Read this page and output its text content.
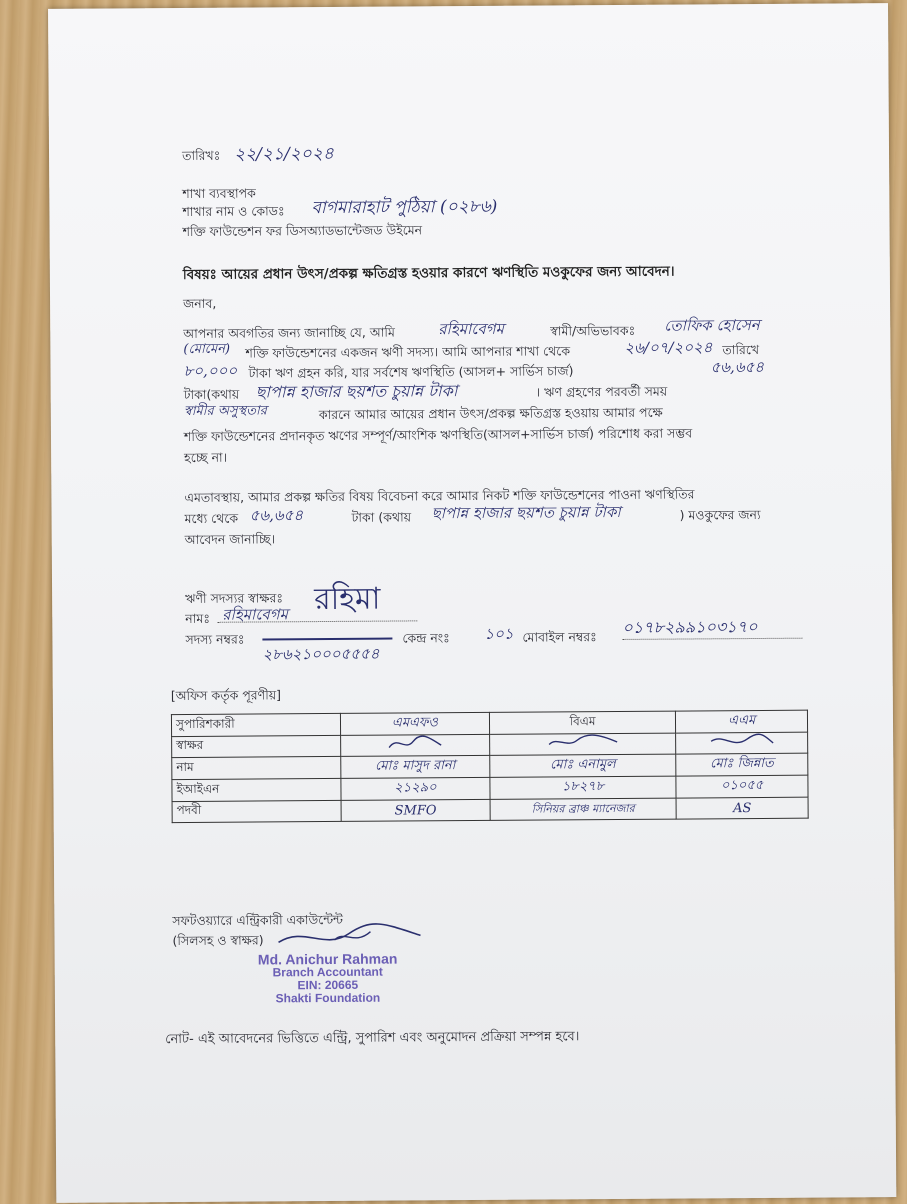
তারিখঃ ২২/২১/২০২৪
শাখা ব্যবস্থাপক
শাখার নাম ও কোডঃ বাগমারাহাট পুঠিয়া (০২৮৬)
শক্তি ফাউন্ডেশন ফর ডিসঅ্যাডভান্টেজড উইমেন
বিষয়ঃ আয়ের প্রধান উৎস/প্রকল্প ক্ষতিগ্রস্ত হওয়ার কারণে ঋণস্থিতি মওকুফের জন্য আবেদন।
জনাব,
আপনার অবগতির জন্য জানাচ্ছি যে, আমি	রহিমাবেগম	স্বামী/অভিভাবকঃ তোফিক হোসেন
(মোমেন) শক্তি ফাউন্ডেশনের একজন ঋণী সদস্য। আমি আপনার শাখা থেকে	২৬/০৭/২০২৪ তারিখে
৮০,০০০ টাকা ঋণ গ্রহন করি, যার সর্বশেষ ঋণস্থিতি (আসল+ সার্ভিস চার্জ)	৫৬,৬৫৪
টাকা(কথায় ছাপান্ন হাজার ছয়শত চুয়ান্ন টাকা	। ঋণ গ্রহণের পরবর্তী সময়
স্বামীর অসুস্থতার	কারনে আমার আয়ের প্রধান উৎস/প্রকল্প ক্ষতিগ্রস্ত হওয়ায় আমার পক্ষে
শক্তি ফাউন্ডেশনের প্রদানকৃত ঋণের সম্পূর্ণ/আংশিক ঋণস্থিতি(আসল+সার্ভিস চার্জ) পরিশোধ করা সম্ভব
হচ্ছে না।
এমতাবস্থায়, আমার প্রকল্প ক্ষতির বিষয় বিবেচনা করে আমার নিকট শক্তি ফাউন্ডেশনের পাওনা ঋণস্থিতির
মধ্যে থেকে ৫৬,৬৫৪	টাকা (কথায় ছাপান্ন হাজার ছয়শত চুয়ান্ন টাকা	) মওকুফের জন্য
আবেদন জানাচ্ছি।
ঋণী সদস্যর স্বাক্ষরঃ রহিমা
নামঃ রহিমাবেগম
সদস্য নম্বরঃ
২৮৬২১০০০৫৫৫৪
কেন্দ্র নংঃ ১০১ মোবাইল নম্বরঃ ০১৭৮২৯৯১০৩১৭০
[অফিস কর্তৃক পূরণীয়]
সুপারিশকারী	এমএফও	বিএম	এএম
স্বাক্ষর			
নাম	মোঃ মাসুদ রানা	মোঃ এনামুল	মোঃ জিন্নাত
ইআইএন	২১২৯০	১৮২৭৮	০১০৫৫
পদবী	SMFO	সিনিয়র ব্রাঞ্চ ম্যানেজার	AS
সফটওয়্যারে এন্ট্রিকারী একাউন্টেন্ট
(সিলসহ ও স্বাক্ষর)
Md. Anichur Rahman
Branch Accountant
EIN: 20665
Shakti Foundation
নোট- এই আবেদনের ভিত্তিতে এন্ট্রি, সুপারিশ এবং অনুমোদন প্রক্রিয়া সম্পন্ন হবে।
